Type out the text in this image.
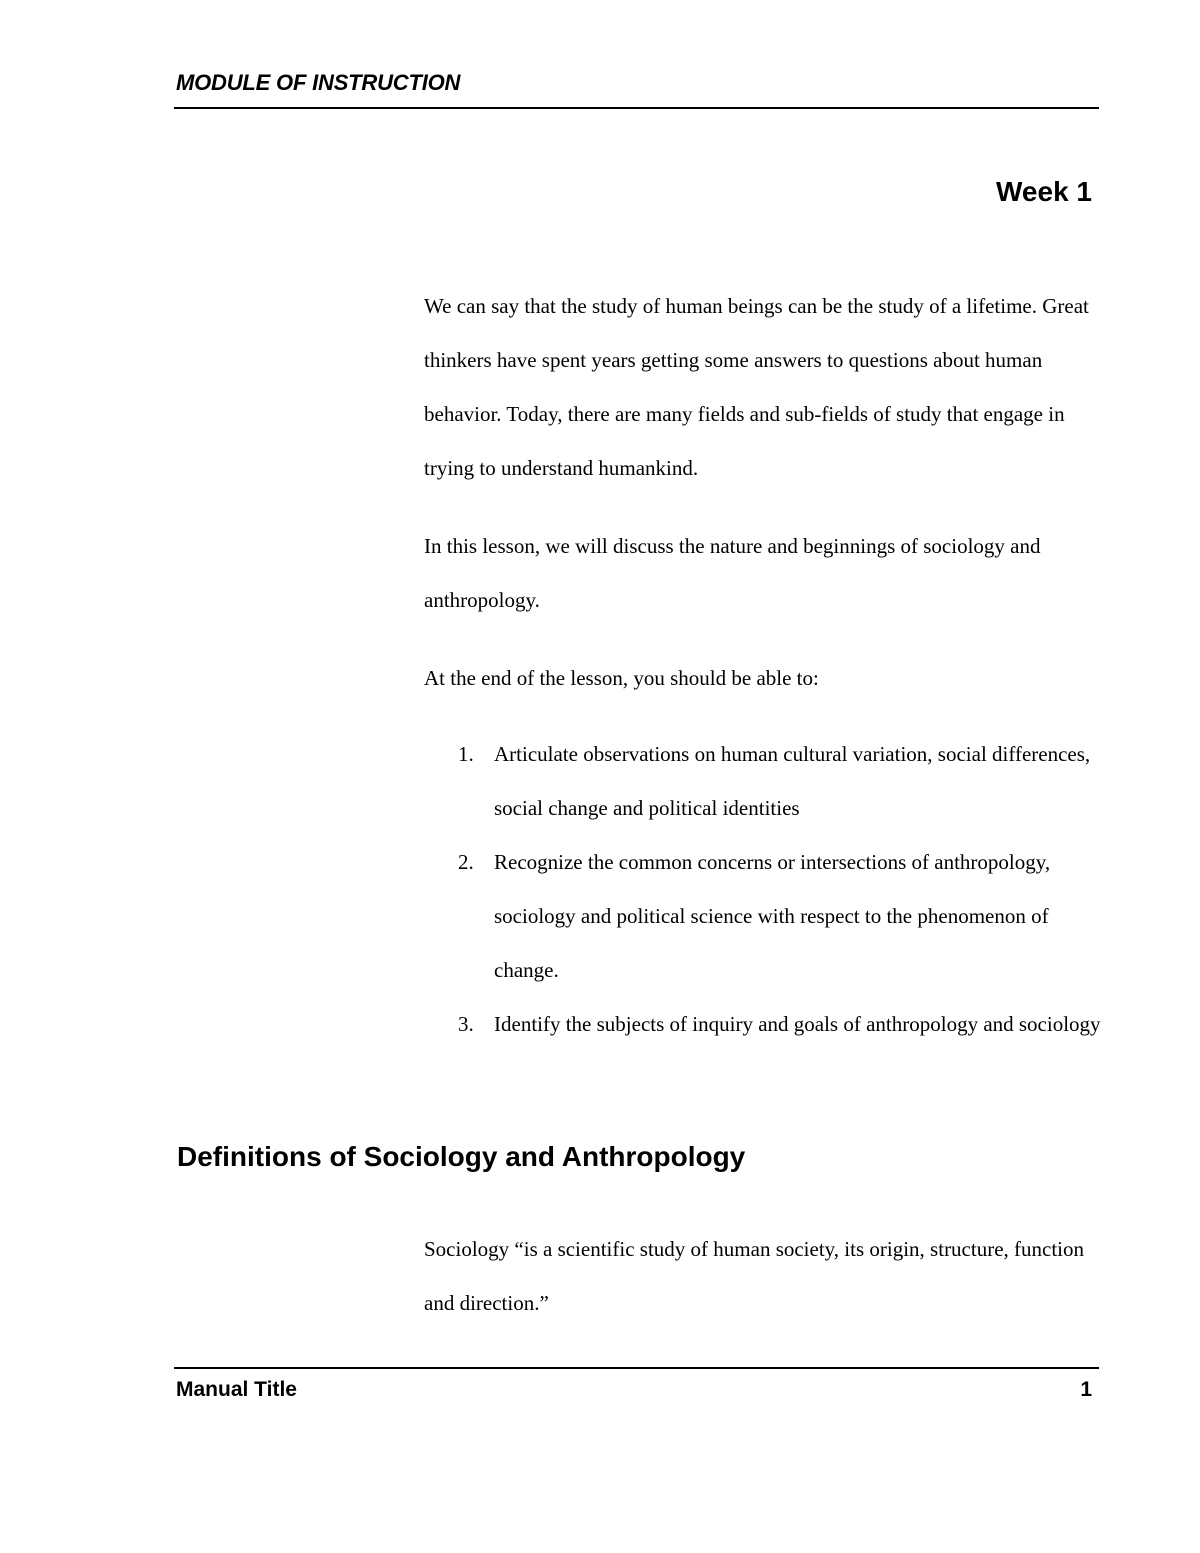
MODULE OF INSTRUCTION
Week 1

We can say that the study of human beings can be the study of a lifetime. Great thinkers have spent years getting some answers to questions about human behavior. Today, there are many fields and sub-fields of study that engage in trying to understand humankind.

In this lesson, we will discuss the nature and beginnings of sociology and anthropology.

At the end of the lesson, you should be able to:

1. Articulate observations on human cultural variation, social differences, social change and political identities
2. Recognize the common concerns or intersections of anthropology, sociology and political science with respect to the phenomenon of change.
3. Identify the subjects of inquiry and goals of anthropology and sociology
Definitions of Sociology and Anthropology

Sociology “is a scientific study of human society, its origin, structure, function and direction.”

Manual Title	1
